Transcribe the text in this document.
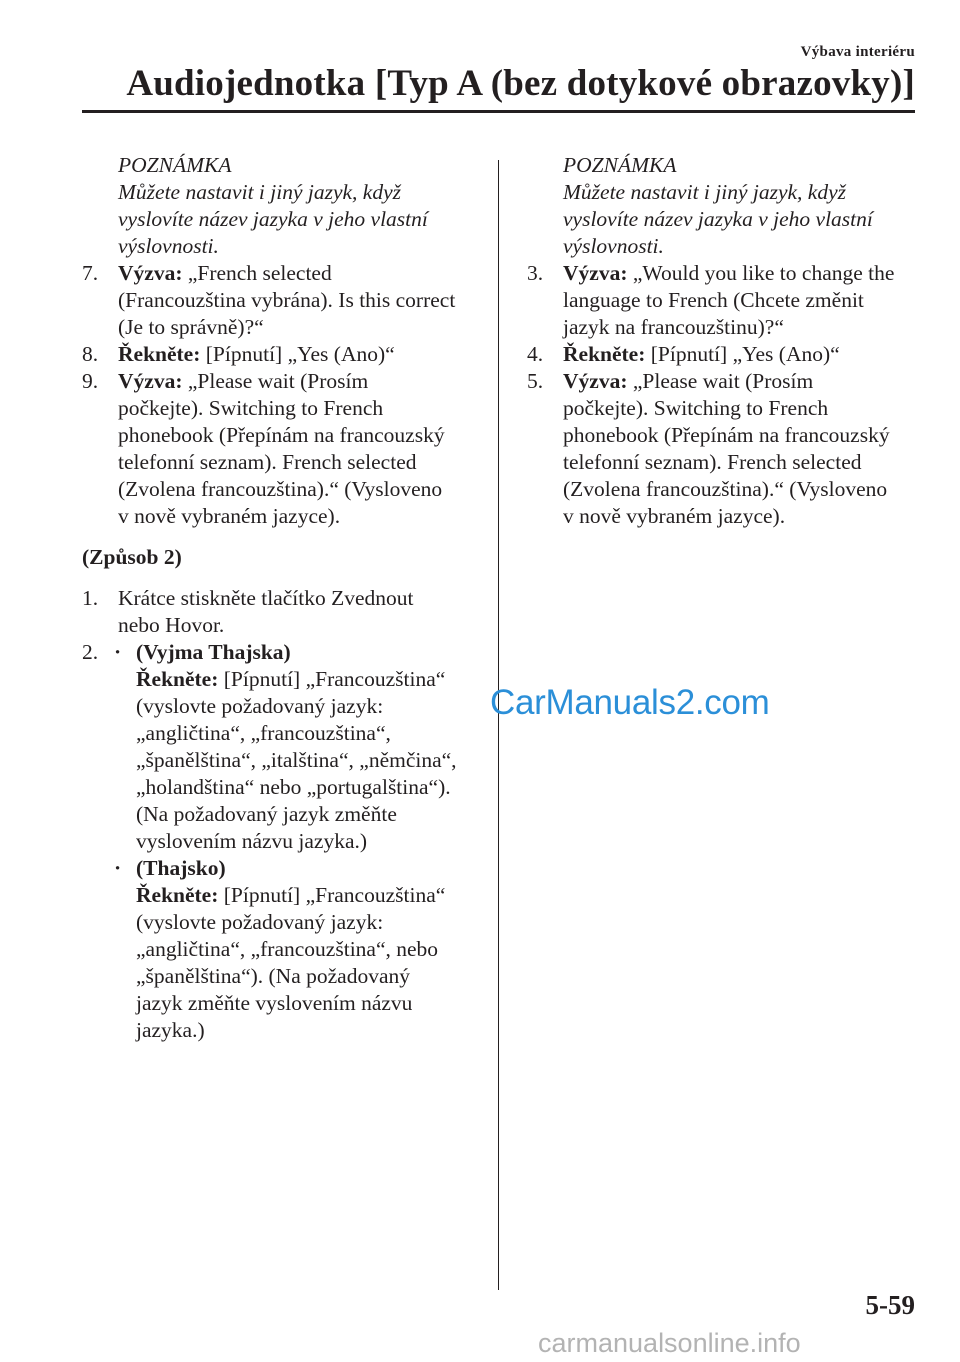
Výbava interiéru
Audiojednotka [Typ A (bez dotykové obrazovky)]
POZNÁMKA
Můžete nastavit i jiný jazyk, když
vyslovíte název jazyka v jeho vlastní
výslovnosti.
7. Výzva: „French selected
(Francouzština vybrána). Is this correct
(Je to správně)?“
8. Řekněte: [Pípnutí] „Yes (Ano)“
9. Výzva: „Please wait (Prosím
počkejte). Switching to French
phonebook (Přepínám na francouzský
telefonní seznam). French selected
(Zvolena francouzština).“ (Vysloveno
v nově vybraném jazyce).
(Způsob 2)
1. Krátce stiskněte tlačítko Zvednout
nebo Hovor.
2. · (Vyjma Thajska)
Řekněte: [Pípnutí] „Francouzština“
(vyslovte požadovaný jazyk:
„angličtina“, „francouzština“,
„španělština“, „italština“, „němčina“,
„holandština“ nebo „portugalština“).
(Na požadovaný jazyk změňte
vyslovením názvu jazyka.)
· (Thajsko)
Řekněte: [Pípnutí] „Francouzština“
(vyslovte požadovaný jazyk:
„angličtina“, „francouzština“, nebo
„španělština“). (Na požadovaný
jazyk změňte vyslovením názvu
jazyka.)
POZNÁMKA
Můžete nastavit i jiný jazyk, když
vyslovíte název jazyka v jeho vlastní
výslovnosti.
3. Výzva: „Would you like to change the
language to French (Chcete změnit
jazyk na francouzštinu)?“
4. Řekněte: [Pípnutí] „Yes (Ano)“
5. Výzva: „Please wait (Prosím
počkejte). Switching to French
phonebook (Přepínám na francouzský
telefonní seznam). French selected
(Zvolena francouzština).“ (Vysloveno
v nově vybraném jazyce).
CarManuals2.com
5-59
carmanualsonline.info
